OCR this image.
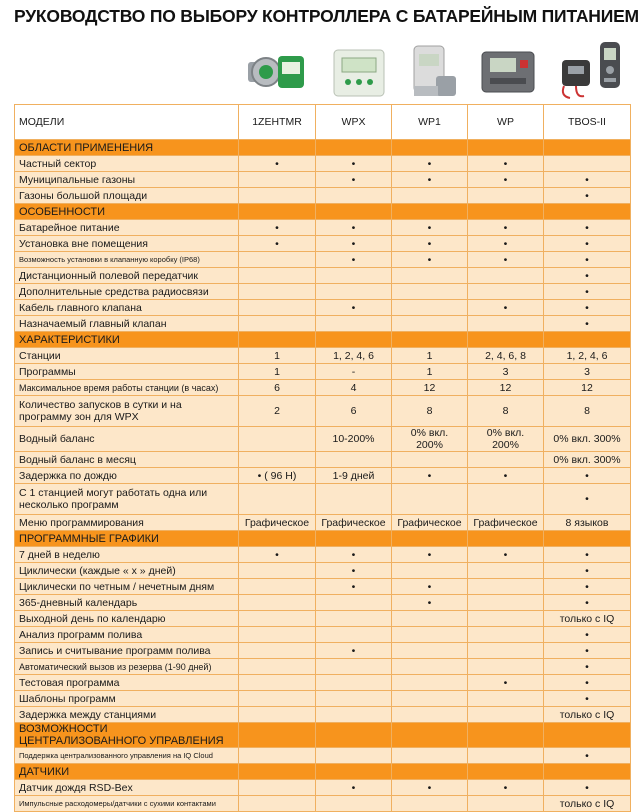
РУКОВОДСТВО ПО ВЫБОРУ КОНТРОЛЛЕРА С БАТАРЕЙНЫМ ПИТАНИЕМ
МОДЕЛИ	1ZEHTMR	WPX	WP1	WP	TBOS-II
ОБЛАСТИ ПРИМЕНЕНИЯ					
Частный сектор	•	•	•	•	
Муниципальные газоны		•	•	•	•
Газоны большой площади					•
ОСОБЕННОСТИ					
Батарейное питание	•	•	•	•	•
Установка вне помещения	•	•	•	•	•
Возможность установки в клапанную коробку (IP68)		•	•	•	•
Дистанционный полевой передатчик					•
Дополнительные средства радиосвязи					•
Кабель главного клапана		•		•	•
Назначаемый главный клапан					•
ХАРАКТЕРИСТИКИ					
Станции	1	1, 2, 4, 6	1	2, 4, 6, 8	1, 2, 4, 6
Программы	1	-	1	3	3
Максимальное время работы станции (в часах)	6	4	12	12	12
Количество запусков в сутки и на программу зон для WPX	2	6	8	8	8
Водный баланс		10-200%	0% вкл. 200%	0% вкл. 200%	0% вкл. 300%
Водный баланс в месяц					0% вкл. 300%
Задержка по дождю	• ( 96 Н)	1-9 дней	•	•	•
С 1 станцией могут работать одна или несколько программ					•
Меню программирования	Графическое	Графическое	Графическое	Графическое	8 языков
ПРОГРАММНЫЕ ГРАФИКИ					
7 дней в неделю	•	•	•	•	•
Циклически (каждые « х » дней)		•			•
Циклически по четным / нечетным дням		•	•		•
365-дневный календарь			•		•
Выходной день по календарю					только с IQ
Анализ программ полива					•
Запись и считывание программ полива		•			•
Автоматический вызов из резерва (1-90 дней)					•
Тестовая программа				•	•
Шаблоны программ					•
Задержка между станциями					только с IQ
ВОЗМОЖНОСТИ ЦЕНТРАЛИЗОВАННОГО УПРАВЛЕНИЯ					
Поддержка централизованного управления на IQ Cloud					•
ДАТЧИКИ					
Датчик дождя RSD-Bex		•	•	•	•
Импульсные расходомеры/датчики с сухими контактами					только с IQ
